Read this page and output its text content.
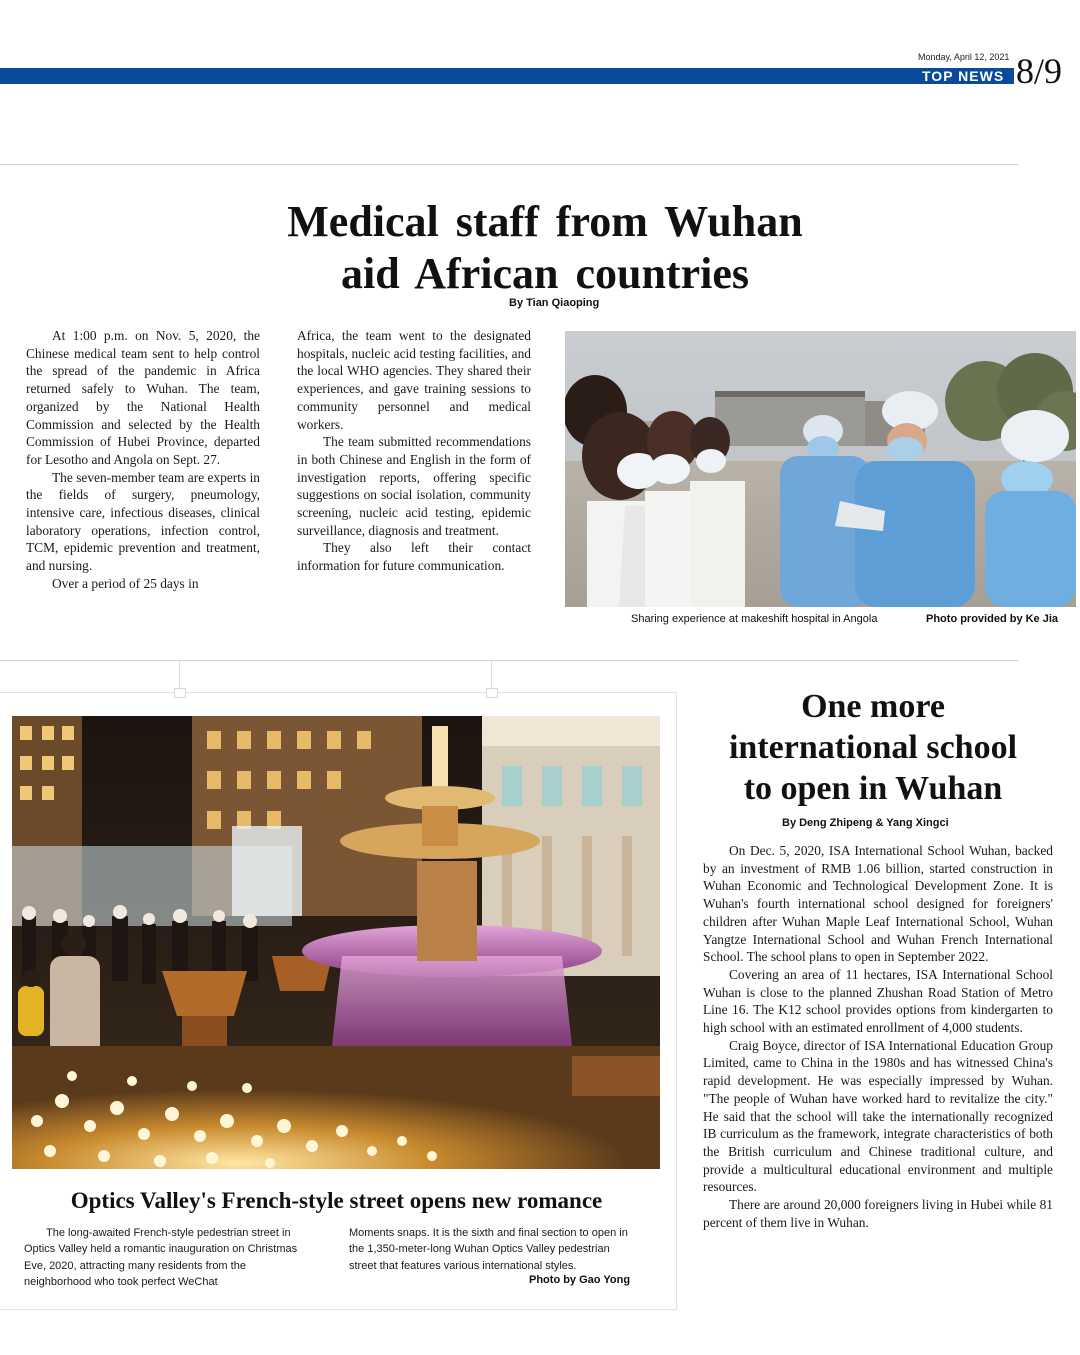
Monday, April 12, 2021
TOP NEWS 8/9
Medical staff from Wuhan
aid African countries
By Tian Qiaoping

At 1:00 p.m. on Nov. 5, 2020, the Chinese medical team sent to help control the spread of the pandemic in Africa returned safely to Wuhan. The team, organized by the National Health Commission and selected by the Health Commission of Hubei Province, departed for Lesotho and Angola on Sept. 27.

The seven-member team are experts in the fields of surgery, pneumology, intensive care, infectious diseases, clinical laboratory operations, infection control, TCM, epidemic prevention and treatment, and nursing.

Over a period of 25 days in

Africa, the team went to the designated hospitals, nucleic acid testing facilities, and the local WHO agencies. They shared their experiences, and gave training sessions to community personnel and medical workers.

The team submitted recommendations in both Chinese and English in the form of investigation reports, offering specific suggestions on social isolation, community screening, nucleic acid testing, epidemic surveillance, diagnosis and treatment.

They also left their contact information for future communication.

Sharing experience at makeshift hospital in Angola	Photo provided by Ke Jia
Optics Valley's French-style street opens new romance

The long-awaited French-style pedestrian street in Optics Valley held a romantic inauguration on Christmas Eve, 2020, attracting many residents from the neighborhood who took perfect WeChat

Moments snaps. It is the sixth and final section to open in the 1,350-meter-long Wuhan Optics Valley pedestrian street that features various international styles.

Photo by Gao Yong
One more
international school
to open in Wuhan
By Deng Zhipeng & Yang Xingci

On Dec. 5, 2020, ISA International School Wuhan, backed by an investment of RMB 1.06 billion, started construction in Wuhan Economic and Technological Development Zone. It is Wuhan's fourth international school designed for foreigners' children after Wuhan Maple Leaf International School, Wuhan Yangtze International School and Wuhan French International School. The school plans to open in September 2022.

Covering an area of 11 hectares, ISA International School Wuhan is close to the planned Zhushan Road Station of Metro Line 16. The K12 school provides options from kindergarten to high school with an estimated enrollment of 4,000 students.

Craig Boyce, director of ISA International Education Group Limited, came to China in the 1980s and has witnessed China's rapid development. He was especially impressed by Wuhan. "The people of Wuhan have worked hard to revitalize the city." He said that the school will take the internationally recognized IB curriculum as the framework, integrate characteristics of both the British curriculum and Chinese traditional culture, and provide a multicultural educational environment and multiple resources.

There are around 20,000 foreigners living in Hubei while 81 percent of them live in Wuhan.
